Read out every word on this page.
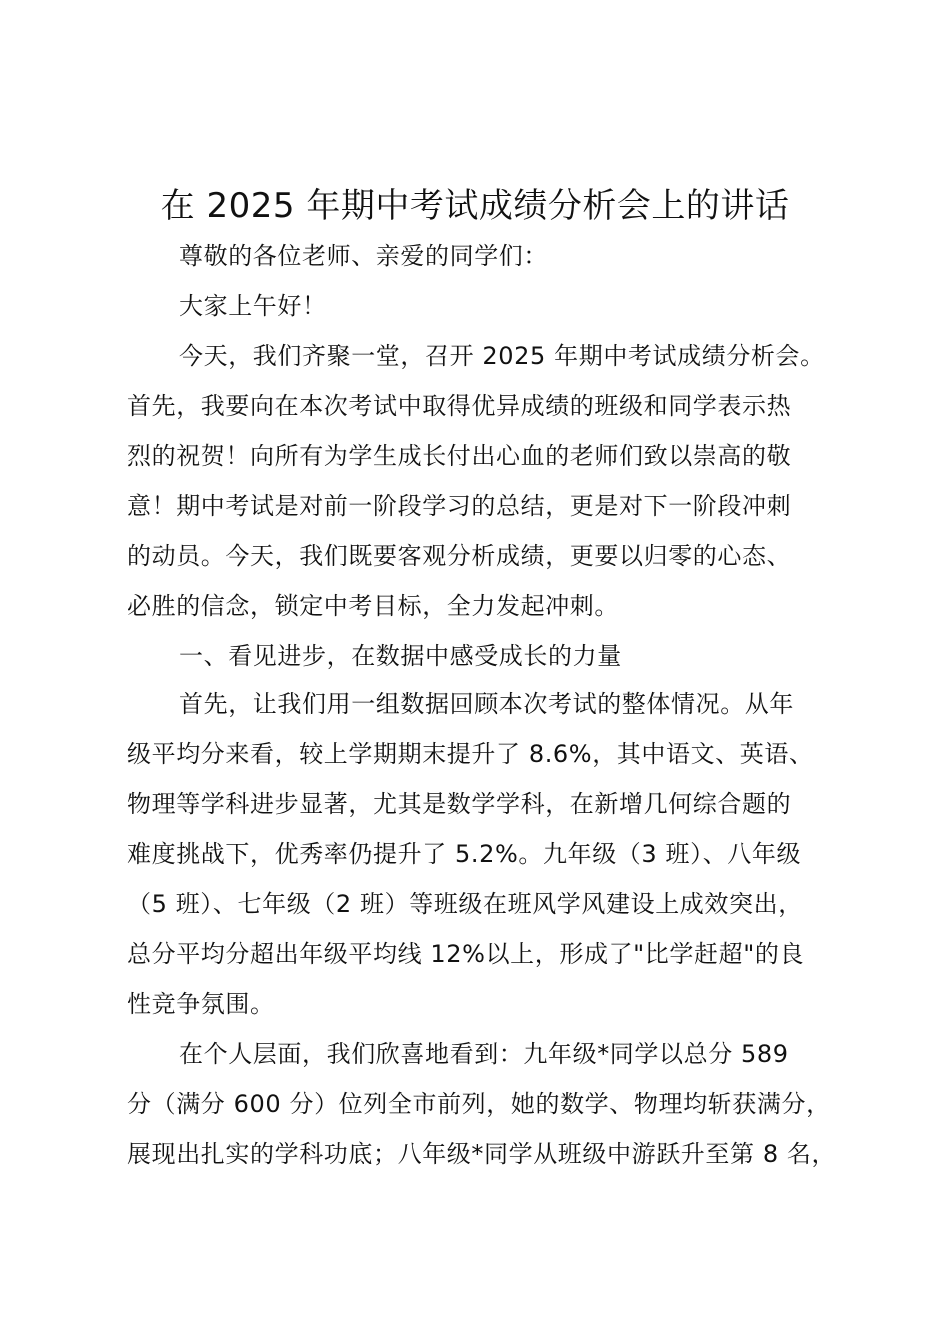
在 2025 年期中考试成绩分析会上的讲话
尊敬的各位老师、亲爱的同学们：
大家上午好！
今天，我们齐聚一堂，召开 2025 年期中考试成绩分析会。
首先，我要向在本次考试中取得优异成绩的班级和同学表示热
烈的祝贺！向所有为学生成长付出心血的老师们致以崇高的敬
意！期中考试是对前一阶段学习的总结，更是对下一阶段冲刺
的动员。今天，我们既要客观分析成绩，更要以归零的心态、
必胜的信念，锁定中考目标，全力发起冲刺。
一、看见进步，在数据中感受成长的力量
首先，让我们用一组数据回顾本次考试的整体情况。从年
级平均分来看，较上学期期末提升了 8.6%，其中语文、英语、
物理等学科进步显著，尤其是数学学科，在新增几何综合题的
难度挑战下，优秀率仍提升了 5.2%。九年级（3 班）、八年级
（5 班）、七年级（2 班）等班级在班风学风建设上成效突出，
总分平均分超出年级平均线 12%以上，形成了"比学赶超"的良
性竞争氛围。
在个人层面，我们欣喜地看到：九年级*同学以总分 589
分（满分 600 分）位列全市前列，她的数学、物理均斩获满分，
展现出扎实的学科功底；八年级*同学从班级中游跃升至第 8 名，
